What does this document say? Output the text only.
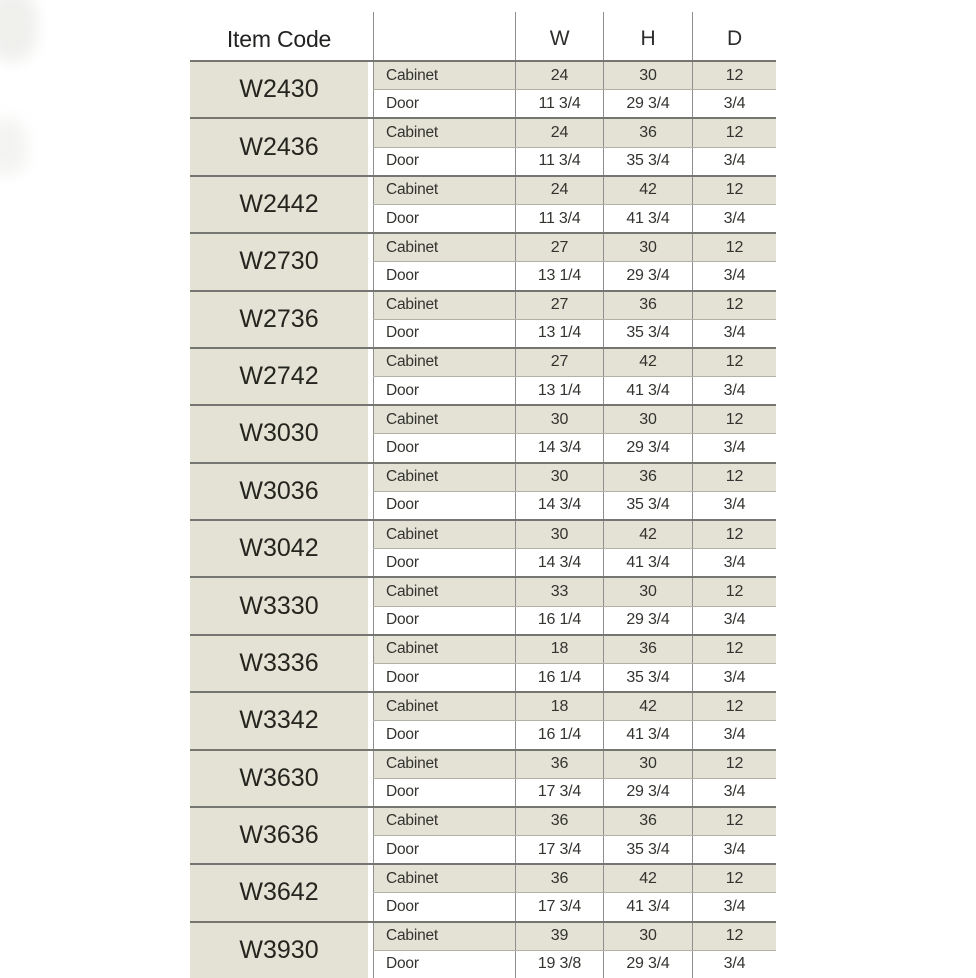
Item Code	W	H	D
W2430
Cabinet	24	30	12
Door	11 3/4	29 3/4	3/4
W2436
Cabinet	24	36	12
Door	11 3/4	35 3/4	3/4
W2442
Cabinet	24	42	12
Door	11 3/4	41 3/4	3/4
W2730
Cabinet	27	30	12
Door	13 1/4	29 3/4	3/4
W2736
Cabinet	27	36	12
Door	13 1/4	35 3/4	3/4
W2742
Cabinet	27	42	12
Door	13 1/4	41 3/4	3/4
W3030
Cabinet	30	30	12
Door	14 3/4	29 3/4	3/4
W3036
Cabinet	30	36	12
Door	14 3/4	35 3/4	3/4
W3042
Cabinet	30	42	12
Door	14 3/4	41 3/4	3/4
W3330
Cabinet	33	30	12
Door	16 1/4	29 3/4	3/4
W3336
Cabinet	18	36	12
Door	16 1/4	35 3/4	3/4
W3342
Cabinet	18	42	12
Door	16 1/4	41 3/4	3/4
W3630
Cabinet	36	30	12
Door	17 3/4	29 3/4	3/4
W3636
Cabinet	36	36	12
Door	17 3/4	35 3/4	3/4
W3642
Cabinet	36	42	12
Door	17 3/4	41 3/4	3/4
W3930
Cabinet	39	30	12
Door	19 3/8	29 3/4	3/4
